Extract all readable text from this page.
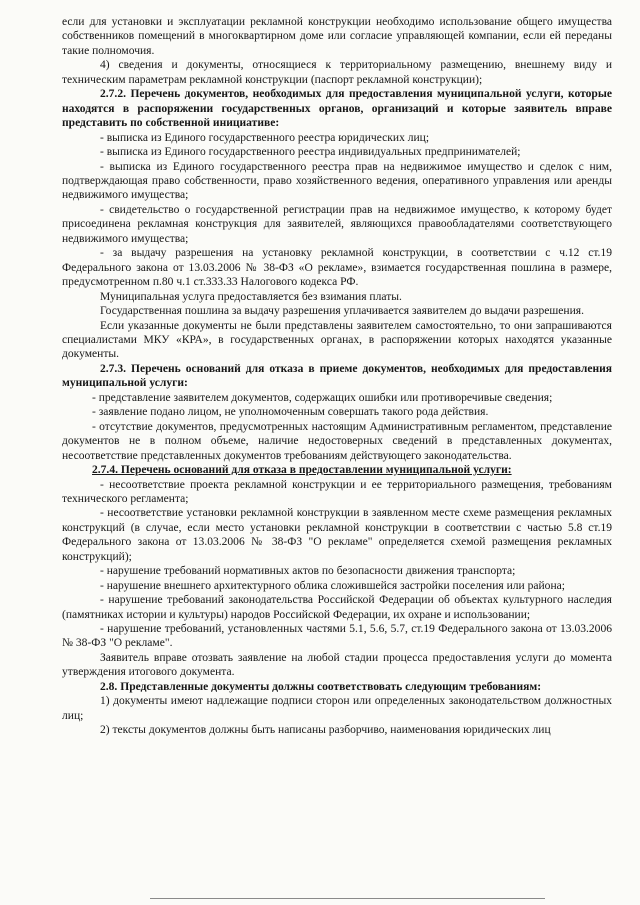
если для установки и эксплуатации рекламной конструкции необходимо использование общего имущества собственников помещений в многоквартирном доме или согласие управляющей компании, если ей переданы такие полномочия.

4) сведения и документы, относящиеся к территориальному размещению, внешнему виду и техническим параметрам рекламной конструкции (паспорт рекламной конструкции);

2.7.2. Перечень документов, необходимых для предоставления муниципальной услуги, которые находятся в распоряжении государственных органов, организаций и которые заявитель вправе представить по собственной инициативе:

- выписка из Единого государственного реестра юридических лиц;

- выписка из Единого государственного реестра индивидуальных предпринимателей;

- выписка из Единого государственного реестра прав на недвижимое имущество и сделок с ним, подтверждающая право собственности, право хозяйственного ведения, оперативного управления или аренды недвижимого имущества;

- свидетельство о государственной регистрации прав на недвижимое имущество, к которому будет присоединена рекламная конструкция для заявителей, являющихся правообладателями соответствующего недвижимого имущества;

- за выдачу разрешения на установку рекламной конструкции, в соответствии с ч.12 ст.19 Федерального закона от 13.03.2006 № 38-ФЗ «О рекламе», взимается государственная пошлина в размере, предусмотренном п.80 ч.1 ст.333.33 Налогового кодекса РФ.

Муниципальная услуга предоставляется без взимания платы.

Государственная пошлина за выдачу разрешения уплачивается заявителем до выдачи разрешения.

Если указанные документы не были представлены заявителем самостоятельно, то они запрашиваются специалистами МКУ «КРА», в государственных органах, в распоряжении которых находятся указанные документы.

2.7.3. Перечень оснований для отказа в приеме документов, необходимых для предоставления муниципальной услуги:

- представление заявителем документов, содержащих ошибки или противоречивые сведения;

- заявление подано лицом, не уполномоченным совершать такого рода действия.

- отсутствие документов, предусмотренных настоящим Административным регламентом, представление документов не в полном объеме, наличие недостоверных сведений в представленных документах, несоответствие представленных документов требованиям действующего законодательства.

2.7.4. Перечень оснований для отказа в предоставлении муниципальной услуги:

- несоответствие проекта рекламной конструкции и ее территориального размещения, требованиям технического регламента;

- несоответствие установки рекламной конструкции в заявленном месте схеме размещения рекламных конструкций (в случае, если место установки рекламной конструкции в соответствии с частью 5.8 ст.19 Федерального закона от 13.03.2006 № 38-ФЗ "О рекламе" определяется схемой размещения рекламных конструкций);

- нарушение требований нормативных актов по безопасности движения транспорта;

- нарушение внешнего архитектурного облика сложившейся застройки поселения или района;

- нарушение требований законодательства Российской Федерации об объектах культурного наследия (памятниках истории и культуры) народов Российской Федерации, их охране и использовании;

- нарушение требований, установленных частями 5.1, 5.6, 5.7, ст.19 Федерального закона от 13.03.2006 № 38-ФЗ "О рекламе".

Заявитель вправе отозвать заявление на любой стадии процесса предоставления услуги до момента утверждения итогового документа.

2.8. Представленные документы должны соответствовать следующим требованиям:

1) документы имеют надлежащие подписи сторон или определенных законодательством должностных лиц;

2) тексты документов должны быть написаны разборчиво, наименования юридических лиц
